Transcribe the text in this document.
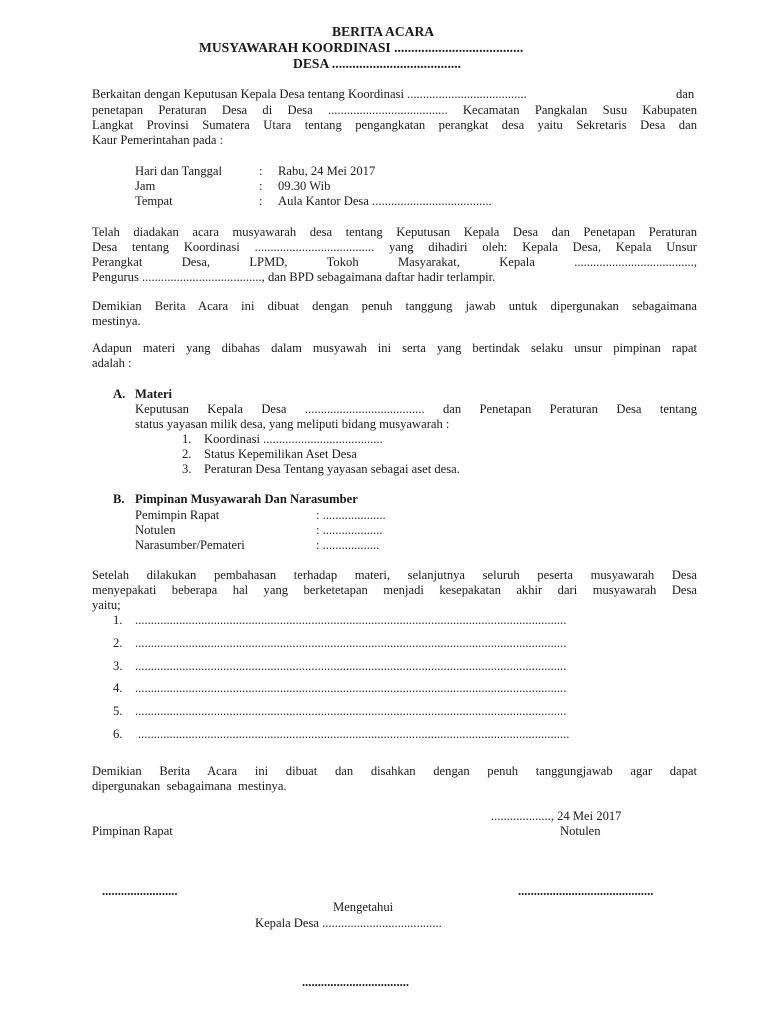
BERITA ACARA
MUSYAWARAH KOORDINASI ......................................
DESA ......................................
Berkaitan dengan Keputusan Kepala Desa tentang Koordinasi ......................................	dan
penetapan Peraturan Desa di Desa ...................................... Kecamatan Pangkalan Susu Kabupaten
Langkat Provinsi Sumatera Utara tentang pengangkatan perangkat desa yaitu Sekretaris Desa dan
Kaur Pemerintahan pada :
Hari dan Tanggal	: Rabu, 24 Mei 2017
Jam	: 09.30 Wib
Tempat	: Aula Kantor Desa ......................................
Telah diadakan acara musyawarah desa tentang Keputusan Kepala Desa dan Penetapan Peraturan
Desa tentang Koordinasi ...................................... yang dihadiri oleh: Kepala Desa, Kepala Unsur
Perangkat Desa, LPMD, Tokoh Masyarakat, Kepala ......................................,
Pengurus ......................................, dan BPD sebagaimana daftar hadir terlampir.
Demikian Berita Acara ini dibuat dengan penuh tanggung jawab untuk dipergunakan sebagaimana
mestinya.
Adapun materi yang dibahas dalam musyawah ini serta yang bertindak selaku unsur pimpinan rapat
adalah :
A. Materi
Keputusan Kepala Desa ...................................... dan Penetapan Peraturan Desa tentang
status yayasan milik desa, yang meliputi bidang musyawarah :
1. Koordinasi ......................................
2. Status Kepemilikan Aset Desa
3. Peraturan Desa Tentang yayasan sebagai aset desa.
B. Pimpinan Musyawarah Dan Narasumber
Pemimpin Rapat	: ....................
Notulen	: ...................
Narasumber/Pemateri	: ..................
Setelah dilakukan pembahasan terhadap materi, selanjutnya seluruh peserta musyawarah Desa
menyepakati beberapa hal yang berketetapan menjadi kesepakatan akhir dari musyawarah Desa
yaitu;
1. .........................................................................................................................................
2. .........................................................................................................................................
3. .........................................................................................................................................
4. .........................................................................................................................................
5. .........................................................................................................................................
6. .........................................................................................................................................
Demikian Berita Acara ini dibuat dan disahkan dengan penuh tanggungjawab agar dapat
dipergunakan  sebagaimana  mestinya.
..................., 24 Mei 2017
Pimpinan Rapat	Notulen
........................	...........................................
Mengetahui
Kepala Desa ......................................
..................................
